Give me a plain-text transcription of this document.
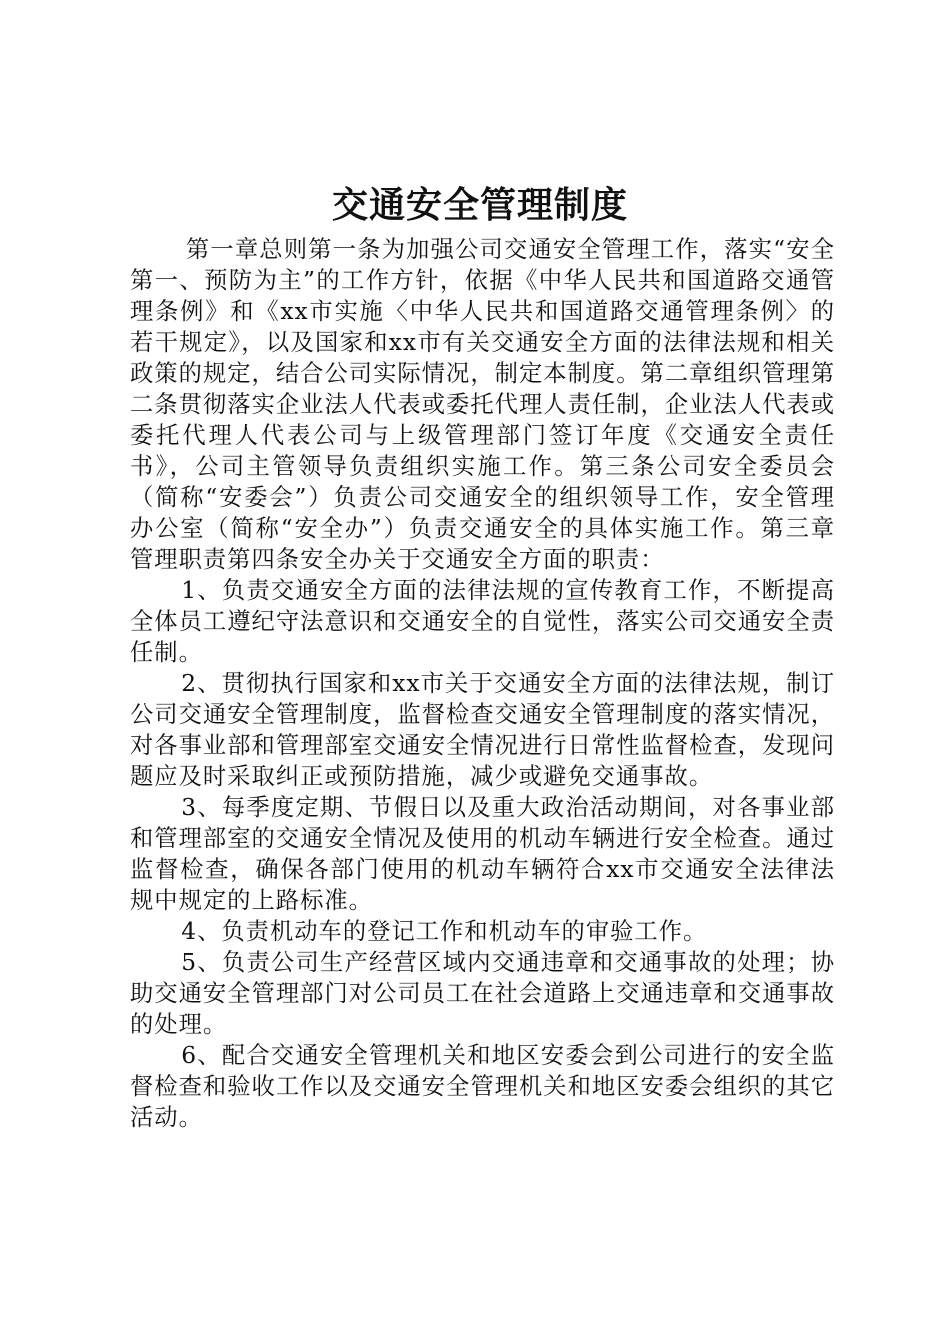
交通安全管理制度

第一章总则第一条为加强公司交通安全管理工作，落实“安全第一、预防为主”的工作方针，依据《中华人民共和国道路交通管理条例》和《xx市实施〈中华人民共和国道路交通管理条例〉的若干规定》，以及国家和xx市有关交通安全方面的法律法规和相关政策的规定，结合公司实际情况，制定本制度。第二章组织管理第二条贯彻落实企业法人代表或委托代理人责任制，企业法人代表或委托代理人代表公司与上级管理部门签订年度《交通安全责任书》，公司主管领导负责组织实施工作。第三条公司安全委员会（简称“安委会”）负责公司交通安全的组织领导工作，安全管理办公室（简称“安全办”）负责交通安全的具体实施工作。第三章管理职责第四条安全办关于交通安全方面的职责：

1、负责交通安全方面的法律法规的宣传教育工作，不断提高全体员工遵纪守法意识和交通安全的自觉性，落实公司交通安全责任制。

2、贯彻执行国家和xx市关于交通安全方面的法律法规，制订公司交通安全管理制度，监督检查交通安全管理制度的落实情况，对各事业部和管理部室交通安全情况进行日常性监督检查，发现问题应及时采取纠正或预防措施，减少或避免交通事故。

3、每季度定期、节假日以及重大政治活动期间，对各事业部和管理部室的交通安全情况及使用的机动车辆进行安全检查。通过监督检查，确保各部门使用的机动车辆符合xx市交通安全法律法规中规定的上路标准。

4、负责机动车的登记工作和机动车的审验工作。

5、负责公司生产经营区域内交通违章和交通事故的处理；协助交通安全管理部门对公司员工在社会道路上交通违章和交通事故的处理。

6、配合交通安全管理机关和地区安委会到公司进行的安全监督检查和验收工作以及交通安全管理机关和地区安委会组织的其它活动。
